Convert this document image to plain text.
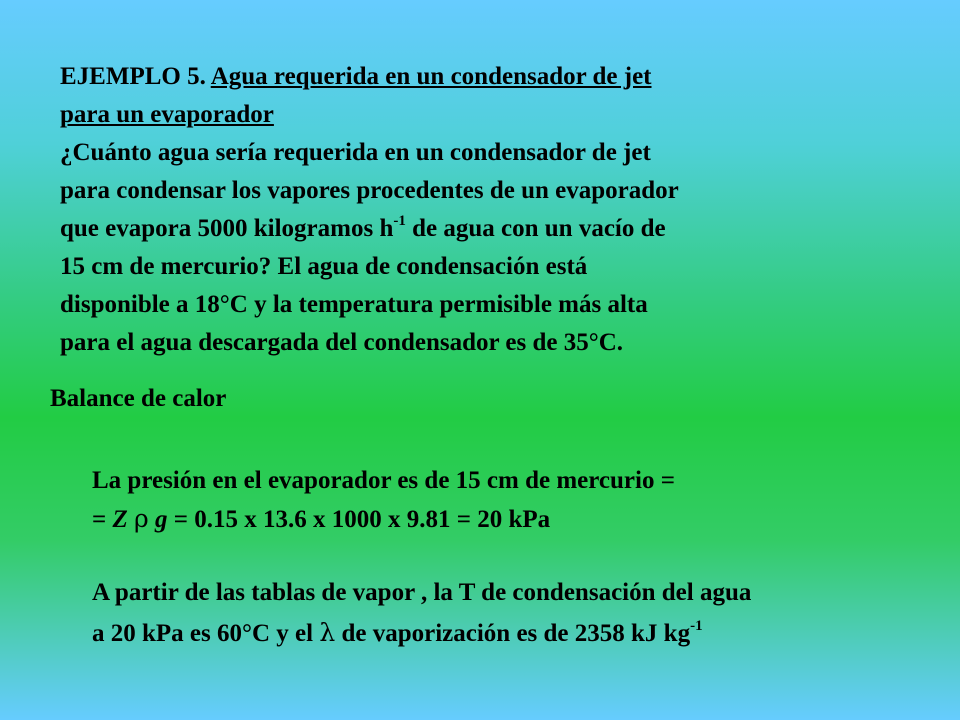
EJEMPLO 5. Agua requerida en un condensador de jet
para un evaporador
¿Cuánto agua sería requerida en un condensador de jet
para condensar los vapores procedentes de un evaporador
que evapora 5000 kilogramos $h^{-1}$ de agua con un vacío de
15 cm de mercurio? El agua de condensación está
disponible a 18°C y la temperatura permisible más alta
para el agua descargada del condensador es de 35°C.
Balance de calor
La presión en el evaporador es de 15 cm de mercurio =
= Z ρ g = 0.15 x 13.6 x 1000 x 9.81 = 20 kPa
A partir de las tablas de vapor , la T de condensación del agua
a 20 kPa es 60°C y el λ de vaporización es de 2358 kJ $kg^{-1}$
